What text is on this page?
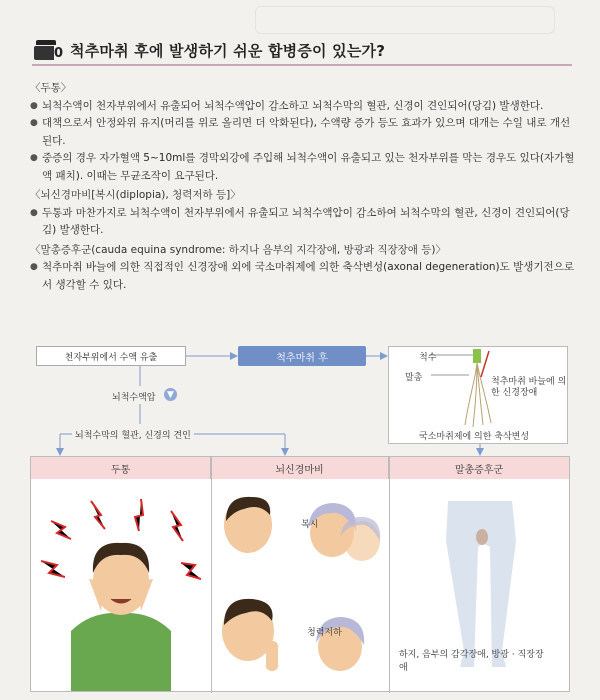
0 척추마취 후에 발생하기 쉬운 합병증이 있는가?
〈두통〉
● 뇌척수액이 천자부위에서 유출되어 뇌척수액압이 감소하고 뇌척수막의 혈관, 신경이 견인되어(당김) 발생한다.
● 대책으로서 안정와위 유지(머리를 위로 올리면 더 악화된다), 수액량 증가 등도 효과가 있으며 대개는 수일 내로 개선된다.
● 중증의 경우 자가혈액 5~10ml를 경막외강에 주입해 뇌척수액이 유출되고 있는 천자부위를 막는 경우도 있다(자가혈액 패치). 이때는 무균조작이 요구된다.
〈뇌신경마비[복시(diplopia), 청력저하 등]〉
● 두통과 마찬가지로 뇌척수액이 천자부위에서 유출되고 뇌척수액압이 감소하여 뇌척수막의 혈관, 신경이 견인되어(당김) 발생한다.
〈말총증후군(cauda equina syndrome: 하지나 음부의 지각장애, 방광과 직장장애 등)〉
● 척추마취 바늘에 의한 직접적인 신경장애 외에 국소마취제에 의한 축삭변성(axonal degeneration)도 발생기전으로서 생각할 수 있다.
천자부위에서 수액 유출	척추마취 후
뇌척수액압	▼
뇌척수막의 혈관, 신경의 견인
척수
말총	척추마취 바늘에 의한 신경장애
국소마취제에 의한 축삭변성
두통	뇌신경마비	말총증후군
복시
청력저하
하지, 음부의 감각장애, 방광 · 직장장애
